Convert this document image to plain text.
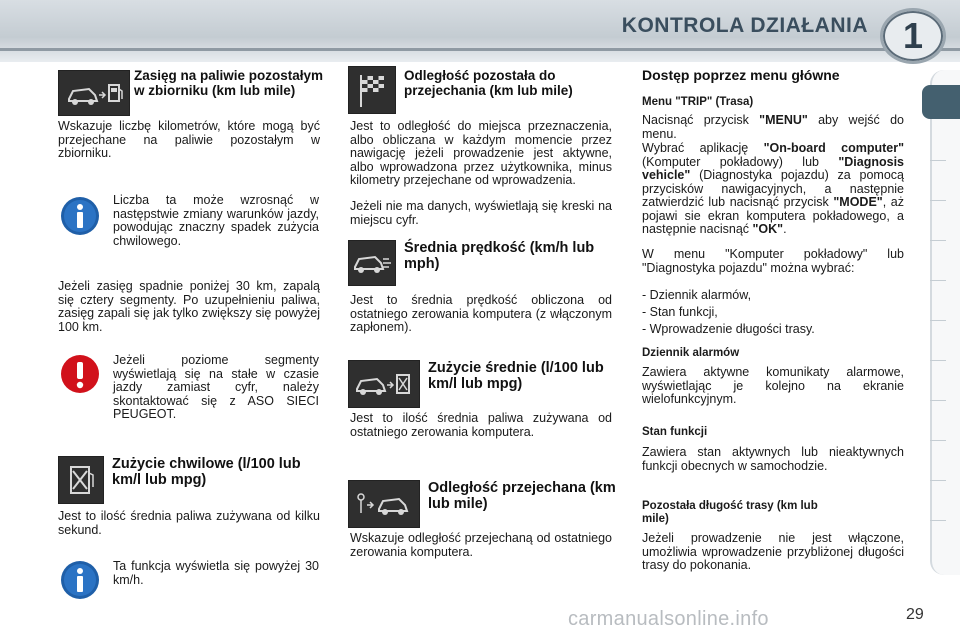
KONTROLA DZIAŁANIA 1
Zasięg na paliwie pozostałym w zbiorniku (km lub mile)
Wskazuje liczbę kilometrów, które mogą być przejechane na paliwie pozostałym w zbiorniku.
Liczba ta może wzrosnąć w następstwie zmiany warunków jazdy, powodując znaczny spadek zużycia chwilowego.
Jeżeli zasięg spadnie poniżej 30 km, zapalą się cztery segmenty. Po uzupełnieniu paliwa, zasięg zapali się jak tylko zwiększy się powyżej 100 km.
Jeżeli poziome segmenty wyświetlają się na stałe w czasie jazdy zamiast cyfr, należy skontaktować się z ASO SIECI PEUGEOT.
Zużycie chwilowe (l/100 lub km/l lub mpg)
Jest to ilość średnia paliwa zużywana od kilku sekund.
Ta funkcja wyświetla się powyżej 30 km/h.
Odległość pozostała do przejechania (km lub mile)
Jest to odległość do miejsca przeznaczenia, albo obliczana w każdym momencie przez nawigację jeżeli prowadzenie jest aktywne, albo wprowadzona przez użytkownika, minus kilometry przejechane od wprowadzenia.
Jeżeli nie ma danych, wyświetlają się kreski na miejscu cyfr.
Średnia prędkość (km/h lub mph)
Jest to średnia prędkość obliczona od ostatniego zerowania komputera (z włączonym zapłonem).
Zużycie średnie (l/100 lub km/l lub mpg)
Jest to ilość średnia paliwa zużywana od ostatniego zerowania komputera.
Odległość przejechana (km lub mile)
Wskazuje odległość przejechaną od ostatniego zerowania komputera.
Dostęp poprzez menu główne
Menu "TRIP" (Trasa)
Nacisnąć przycisk "MENU" aby wejść do menu.
Wybrać aplikację "On-board computer" (Komputer pokładowy) lub "Diagnosis vehicle" (Diagnostyka pojazdu) za pomocą przycisków nawigacyjnych, a następnie zatwierdzić lub nacisnąć przycisk "MODE", aż pojawi sie ekran komputera pokładowego, a następnie nacisnąć "OK".
W menu "Komputer pokładowy" lub "Diagnostyka pojazdu" można wybrać:
- Dziennik alarmów,
- Stan funkcji,
- Wprowadzenie długości trasy.
Dziennik alarmów
Zawiera aktywne komunikaty alarmowe, wyświetlając je kolejno na ekranie wielofunkcyjnym.
Stan funkcji
Zawiera stan aktywnych lub nieaktywnych funkcji obecnych w samochodzie.
Pozostała długość trasy (km lub mile)
Jeżeli prowadzenie nie jest włączone, umożliwia wprowadzenie przybliżonej długości trasy do pokonania.
carmanualsonline.info	29
